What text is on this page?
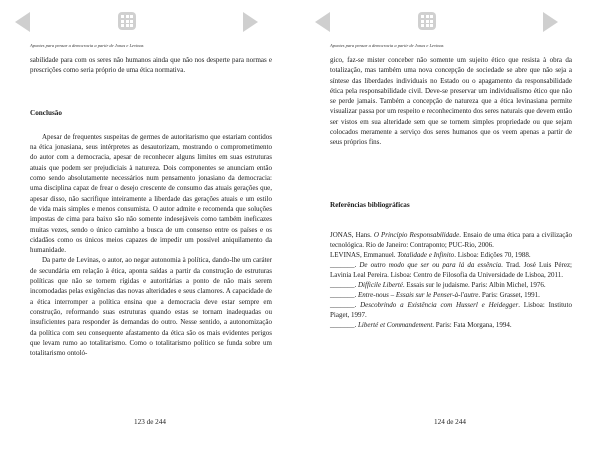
Apontes para pensar a democracia a partir de Jonas e Levinas

sabilidade para com os seres não humanos ainda que não nos desperte para normas e prescrições como seria próprio de uma ética normativa.

Conclusão

Apesar de frequentes suspeitas de germes de autoritarismo que estariam contidos na ética jonasiana, seus intérpretes as desautorizam, mostrando o comprometimento do autor com a democracia, apesar de reconhecer alguns limites em suas estruturas atuais que podem ser prejudiciais à natureza. Dois componentes se anunciam então como sendo absolutamente necessários num pensamento jonasiano da democracia: uma disciplina capaz de frear o desejo crescente de consumo das atuais gerações que, apesar disso, não sacrifique inteiramente a liberdade das gerações atuais e um estilo de vida mais simples e menos consumista. O autor admite e recomenda que soluções impostas de cima para baixo são não somente indesejáveis como também ineficazes muitas vezes, sendo o único caminho a busca de um consenso entre os países e os cidadãos como os únicos meios capazes de impedir um possível aniquilamento da humanidade.

Da parte de Levinas, o autor, ao negar autonomia à política, dando-lhe um caráter de secundária em relação à ética, aponta saídas a partir da construção de estruturas políticas que não se tornem rígidas e autoritárias a ponto de não mais serem incomodadas pelas exigências das novas alteridades e seus clamores. A capacidade de a ética interromper a política ensina que a democracia deve estar sempre em construção, reformando suas estruturas quando estas se tornam inadequadas ou insuficientes para responder às demandas do outro. Nesse sentido, a autonomização da política com seu consequente afastamento da ética são os mais evidentes perigos que levam rumo ao totalitarismo. Como o totalitarismo político se funda sobre um totalitarismo ontoló-

123 de 244
Apontes para pensar a democracia a partir de Jonas e Levinas

gico, faz-se mister conceber não somente um sujeito ético que resista à obra da totalização, mas também uma nova concepção de sociedade se abre que não seja a síntese das liberdades individuais no Estado ou o apagamento da responsabilidade ética pela responsabilidade civil. Deve-se preservar um individualismo ético que não se perde jamais. Também a concepção de natureza que a ética levinasiana permite visualizar passa por um respeito e reconhecimento dos seres naturais que devem então ser vistos em sua alteridade sem que se tornem simples propriedade ou que sejam colocados meramente a serviço dos seres humanos que os veem apenas a partir de seus próprios fins.

Referências bibliográficas

JONAS, Hans. O Princípio Responsabilidade. Ensaio de uma ética para a civilização tecnológica. Rio de Janeiro: Contraponto; PUC-Rio, 2006.

LEVINAS, Emmanuel. Totalidade e Infinito. Lisboa: Edições 70, 1988.

_______. De outro modo que ser ou para lá da essência. Trad. José Luis Pérez; Lavinia Leal Pereira. Lisboa: Centro de Filosofia da Universidade de Lisboa, 2011.

_______. Difficile Liberté. Essais sur le judaisme. Paris: Albin Michel, 1976.

_______. Entre-nous – Essais sur le Penser-à-l'autre. Paris: Grasset, 1991.

_______. Descobrindo a Existência com Husserl e Heidegger. Lisboa: Instituto Piaget, 1997.

_______. Liberté et Commandement. Paris: Fata Morgana, 1994.

124 de 244
